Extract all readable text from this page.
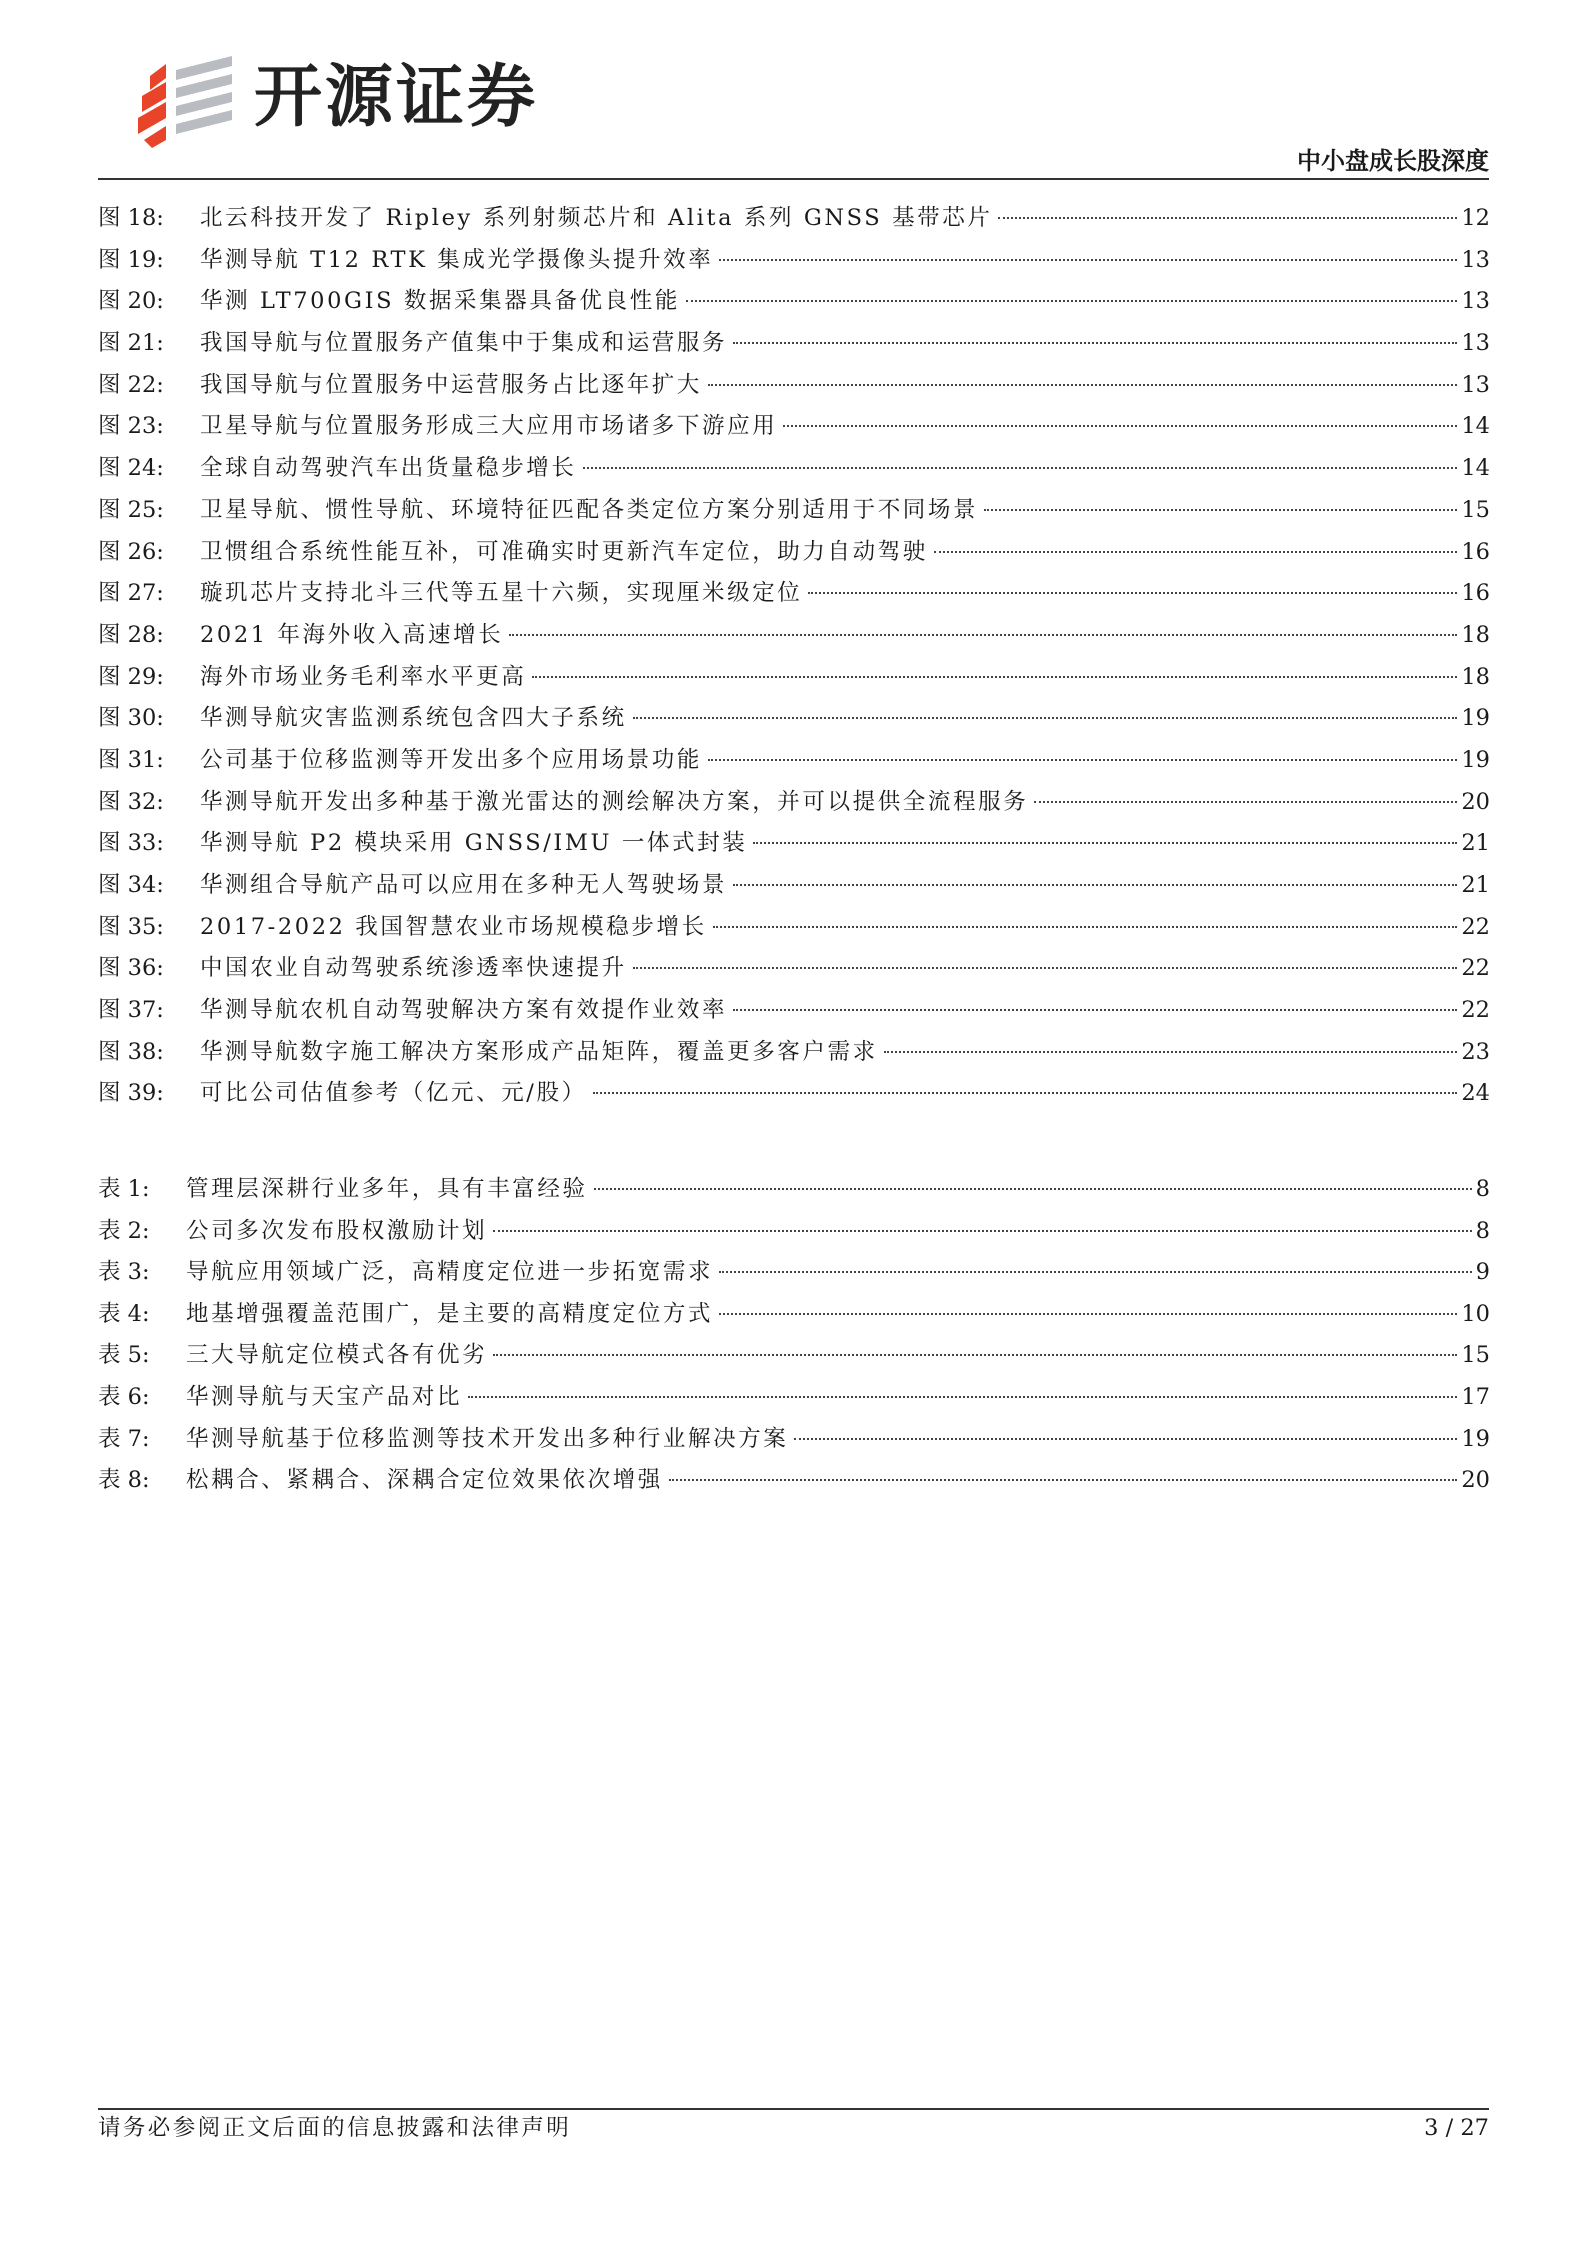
开源证券
中小盘成长股深度
图 18:	北云科技开发了 Ripley 系列射频芯片和 Alita 系列 GNSS 基带芯片	12
图 19:	华测导航 T12 RTK 集成光学摄像头提升效率	13
图 20:	华测 LT700GIS 数据采集器具备优良性能	13
图 21:	我国导航与位置服务产值集中于集成和运营服务	13
图 22:	我国导航与位置服务中运营服务占比逐年扩大	13
图 23:	卫星导航与位置服务形成三大应用市场诸多下游应用	14
图 24:	全球自动驾驶汽车出货量稳步增长	14
图 25:	卫星导航、惯性导航、环境特征匹配各类定位方案分别适用于不同场景	15
图 26:	卫惯组合系统性能互补，可准确实时更新汽车定位，助力自动驾驶	16
图 27:	璇玑芯片支持北斗三代等五星十六频，实现厘米级定位	16
图 28:	2021 年海外收入高速增长	18
图 29:	海外市场业务毛利率水平更高	18
图 30:	华测导航灾害监测系统包含四大子系统	19
图 31:	公司基于位移监测等开发出多个应用场景功能	19
图 32:	华测导航开发出多种基于激光雷达的测绘解决方案，并可以提供全流程服务	20
图 33:	华测导航 P2 模块采用 GNSS/IMU 一体式封装	21
图 34:	华测组合导航产品可以应用在多种无人驾驶场景	21
图 35:	2017-2022 我国智慧农业市场规模稳步增长	22
图 36:	中国农业自动驾驶系统渗透率快速提升	22
图 37:	华测导航农机自动驾驶解决方案有效提作业效率	22
图 38:	华测导航数字施工解决方案形成产品矩阵，覆盖更多客户需求	23
图 39:	可比公司估值参考（亿元、元/股）	24
表 1:	管理层深耕行业多年，具有丰富经验	8
表 2:	公司多次发布股权激励计划	8
表 3:	导航应用领域广泛，高精度定位进一步拓宽需求	9
表 4:	地基增强覆盖范围广，是主要的高精度定位方式	10
表 5:	三大导航定位模式各有优劣	15
表 6:	华测导航与天宝产品对比	17
表 7:	华测导航基于位移监测等技术开发出多种行业解决方案	19
表 8:	松耦合、紧耦合、深耦合定位效果依次增强	20
请务必参阅正文后面的信息披露和法律声明	3 / 27
